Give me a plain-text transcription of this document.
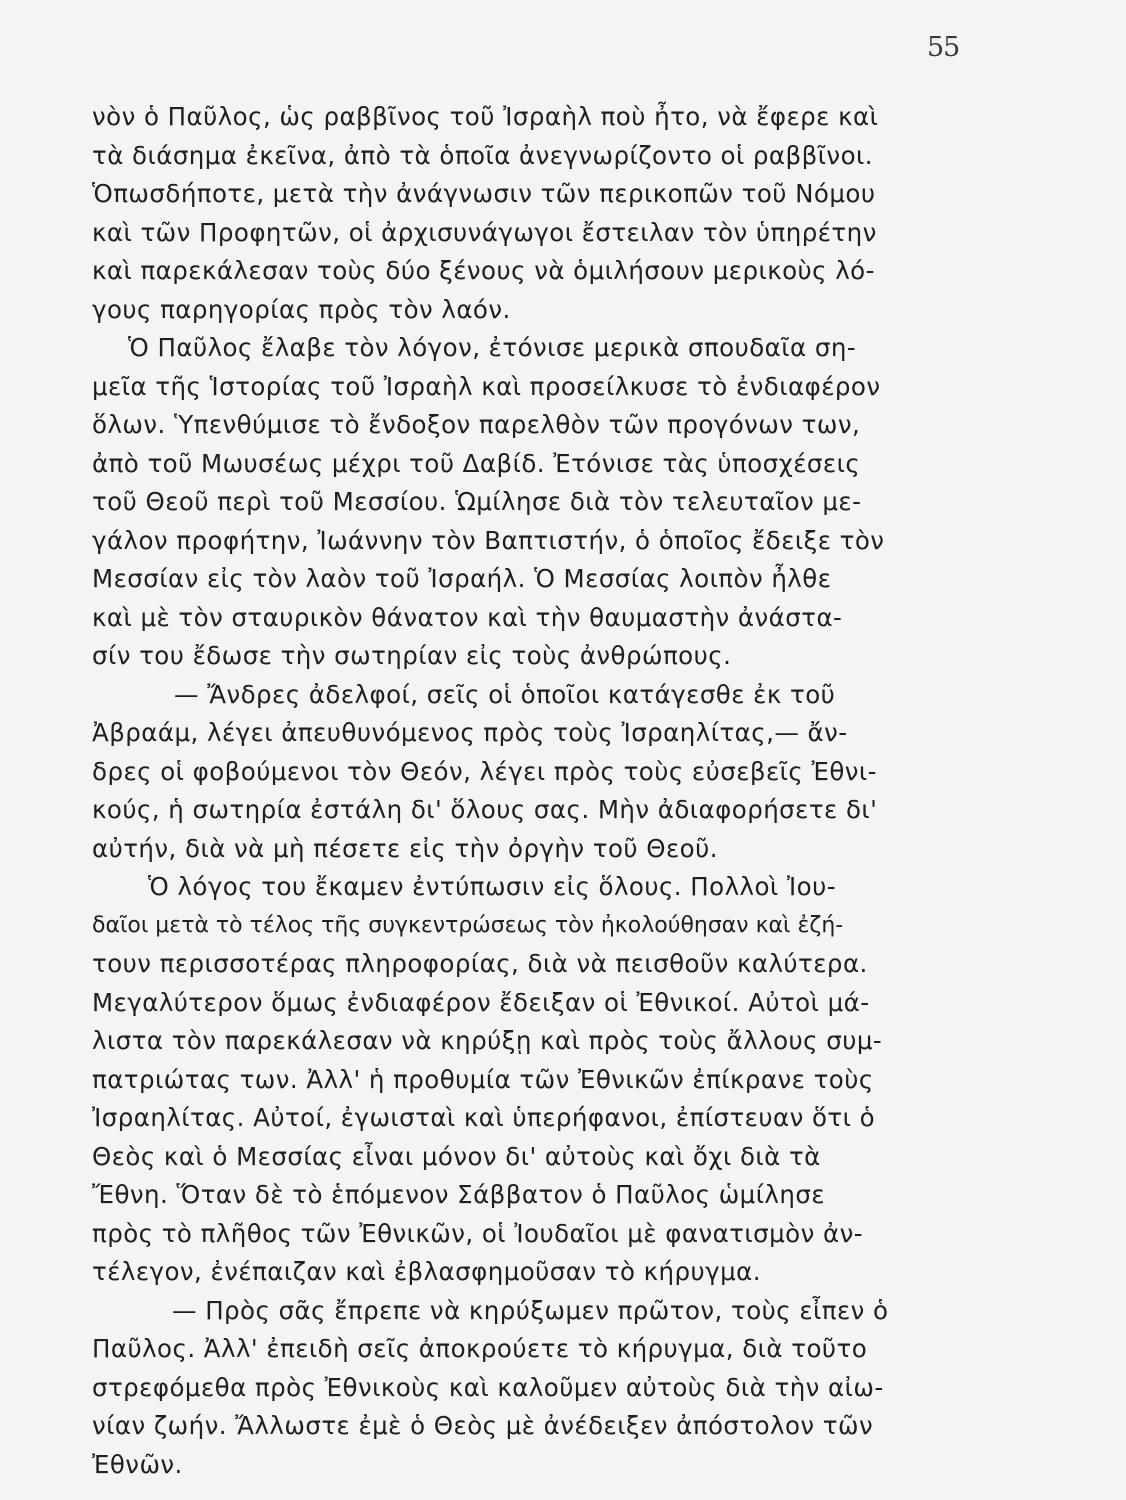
55
νὸν ὁ Παῦλος, ὡς ραββῖνος τοῦ Ἰσραὴλ ποὺ ἦτο, νὰ ἔφερε καὶ
τὰ διάσημα ἐκεῖνα, ἀπὸ τὰ ὁποῖα ἀνεγνωρίζοντο οἱ ραββῖνοι.
Ὁπωσδήποτε, μετὰ τὴν ἀνάγνωσιν τῶν περικοπῶν τοῦ Νόμου
καὶ τῶν Προφητῶν, οἱ ἀρχισυνάγωγοι ἔστειλαν τὸν ὑπηρέτην
καὶ παρεκάλεσαν τοὺς δύο ξένους νὰ ὁμιλήσουν μερικοὺς λό-
γους παρηγορίας πρὸς τὸν λαόν.
Ὁ Παῦλος ἔλαβε τὸν λόγον, ἐτόνισε μερικὰ σπουδαῖα ση-
μεῖα τῆς Ἱστορίας τοῦ Ἰσραὴλ καὶ προσείλκυσε τὸ ἐνδιαφέρον
ὅλων. Ὑπενθύμισε τὸ ἔνδοξον παρελθὸν τῶν προγόνων των,
ἀπὸ τοῦ Μωυσέως μέχρι τοῦ Δαβίδ. Ἐτόνισε τὰς ὑποσχέσεις
τοῦ Θεοῦ περὶ τοῦ Μεσσίου. Ὡμίλησε διὰ τὸν τελευταῖον με-
γάλον προφήτην, Ἰωάννην τὸν Βαπτιστήν, ὁ ὁποῖος ἔδειξε τὸν
Μεσσίαν εἰς τὸν λαὸν τοῦ Ἰσραήλ. Ὁ Μεσσίας λοιπὸν ἦλθε
καὶ μὲ τὸν σταυρικὸν θάνατον καὶ τὴν θαυμαστὴν ἀνάστα-
σίν του ἔδωσε τὴν σωτηρίαν εἰς τοὺς ἀνθρώπους.
— Ἄνδρες ἀδελφοί, σεῖς οἱ ὁποῖοι κατάγεσθε ἐκ τοῦ
Ἀβραάμ, λέγει ἀπευθυνόμενος πρὸς τοὺς Ἰσραηλίτας,— ἄν-
δρες οἱ φοβούμενοι τὸν Θεόν, λέγει πρὸς τοὺς εὐσεβεῖς Ἐθνι-
κούς, ἡ σωτηρία ἐστάλη δι' ὅλους σας. Μὴν ἀδιαφορήσετε δι'
αὐτήν, διὰ νὰ μὴ πέσετε εἰς τὴν ὀργὴν τοῦ Θεοῦ.
Ὁ λόγος του ἔκαμεν ἐντύπωσιν εἰς ὅλους. Πολλοὶ Ἰου-
δαῖοι μετὰ τὸ τέλος τῆς συγκεντρώσεως τὸν ἠκολούθησαν καὶ ἐζή-
τουν περισσοτέρας πληροφορίας, διὰ νὰ πεισθοῦν καλύτερα.
Μεγαλύτερον ὅμως ἐνδιαφέρον ἔδειξαν οἱ Ἐθνικοί. Αὐτοὶ μά-
λιστα τὸν παρεκάλεσαν νὰ κηρύξῃ καὶ πρὸς τοὺς ἄλλους συμ-
πατριώτας των. Ἀλλ' ἡ προθυμία τῶν Ἐθνικῶν ἐπίκρανε τοὺς
Ἰσραηλίτας. Αὐτοί, ἐγωισταὶ καὶ ὑπερήφανοι, ἐπίστευαν ὅτι ὁ
Θεὸς καὶ ὁ Μεσσίας εἶναι μόνον δι' αὐτοὺς καὶ ὄχι διὰ τὰ
Ἔθνη. Ὅταν δὲ τὸ ἑπόμενον Σάββατον ὁ Παῦλος ὡμίλησε
πρὸς τὸ πλῆθος τῶν Ἐθνικῶν, οἱ Ἰουδαῖοι μὲ φανατισμὸν ἀν-
τέλεγον, ἐνέπαιζαν καὶ ἐβλασφημοῦσαν τὸ κήρυγμα.
— Πρὸς σᾶς ἔπρεπε νὰ κηρύξωμεν πρῶτον, τοὺς εἶπεν ὁ
Παῦλος. Ἀλλ' ἐπειδὴ σεῖς ἀποκρούετε τὸ κήρυγμα, διὰ τοῦτο
στρεφόμεθα πρὸς Ἐθνικοὺς καὶ καλοῦμεν αὐτοὺς διὰ τὴν αἰω-
νίαν ζωήν. Ἄλλωστε ἐμὲ ὁ Θεὸς μὲ ἀνέδειξεν ἀπόστολον τῶν
Ἐθνῶν.
